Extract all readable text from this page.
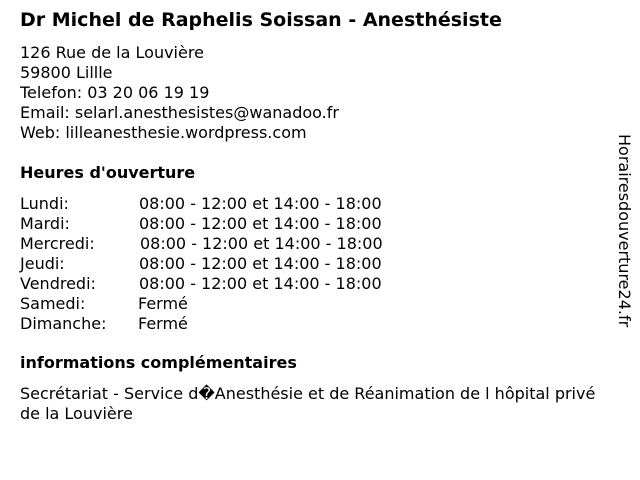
Dr Michel de Raphelis Soissan - Anesthésiste
126 Rue de la Louvière
59800 Lillle
Telefon: 03 20 06 19 19
Email: selarl.anesthesistes@wanadoo.fr
Web: lilleanesthesie.wordpress.com
Heures d'ouverture
Lundi:	08:00 - 12:00 et 14:00 - 18:00
Mardi:	08:00 - 12:00 et 14:00 - 18:00
Mercredi:	08:00 - 12:00 et 14:00 - 18:00
Jeudi:	08:00 - 12:00 et 14:00 - 18:00
Vendredi:	08:00 - 12:00 et 14:00 - 18:00
Samedi:	Fermé
Dimanche: Fermé
informations complémentaires
Secrétariat - Service d�Anesthésie et de Réanimation de l hôpital privé de la Louvière
Horairesdouverture24.fr
